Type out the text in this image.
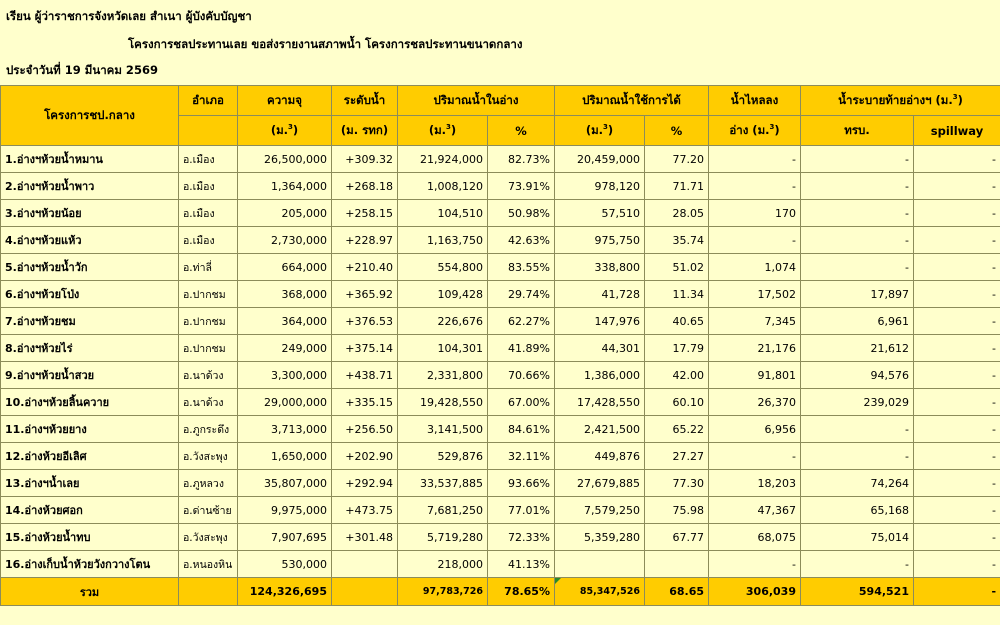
เรียน ผู้ว่าราชการจังหวัดเลย สำเนา ผู้บังคับบัญชา
โครงการชลประทานเลย ขอส่งรายงานสภาพน้ำ โครงการชลประทานขนาดกลาง
ประจำวันที่ 19 มีนาคม 2569
โครงการชป.กลาง	อำเภอ	ความจุ	ระดับน้ำ	ปริมาณน้ำในอ่าง		ปริมาณน้ำใช้การได้		น้ำไหลลง	น้ำระบายท้ายอ่างฯ (ม.$^3$)	
		(ม.$^3$)	(ม. รทก)	(ม.$^3$)	%	(ม.$^3$)	%	อ่าง (ม.$^3$)	ทรบ.	spillway
1.อ่างฯห้วยน้ำหมาน	อ.เมือง	26,500,000	+309.32	21,924,000	82.73%	20,459,000	77.20	-	-	-
2.อ่างฯห้วยน้ำพาว	อ.เมือง	1,364,000	+268.18	1,008,120	73.91%	978,120	71.71	-	-	-
3.อ่างฯห้วยน้อย	อ.เมือง	205,000	+258.15	104,510	50.98%	57,510	28.05	170	-	-
4.อ่างฯห้วยแห้ว	อ.เมือง	2,730,000	+228.97	1,163,750	42.63%	975,750	35.74	-	-	-
5.อ่างฯห้วยน้ำวัก	อ.ท่าลี่	664,000	+210.40	554,800	83.55%	338,800	51.02	1,074	-	-
6.อ่างฯห้วยโป่ง	อ.ปากชม	368,000	+365.92	109,428	29.74%	41,728	11.34	17,502	17,897	-
7.อ่างฯห้วยชม	อ.ปากชม	364,000	+376.53	226,676	62.27%	147,976	40.65	7,345	6,961	-
8.อ่างฯห้วยไร่	อ.ปากชม	249,000	+375.14	104,301	41.89%	44,301	17.79	21,176	21,612	-
9.อ่างฯห้วยน้ำสวย	อ.นาด้วง	3,300,000	+438.71	2,331,800	70.66%	1,386,000	42.00	91,801	94,576	-
10.อ่างฯห้วยลิ้นควาย	อ.นาด้วง	29,000,000	+335.15	19,428,550	67.00%	17,428,550	60.10	26,370	239,029	-
11.อ่างฯห้วยยาง	อ.ภูกระดึง	3,713,000	+256.50	3,141,500	84.61%	2,421,500	65.22	6,956	-	-
12.อ่างห้วยอีเลิศ	อ.วังสะพุง	1,650,000	+202.90	529,876	32.11%	449,876	27.27	-	-	-
13.อ่างฯน้ำเลย	อ.ภูหลวง	35,807,000	+292.94	33,537,885	93.66%	27,679,885	77.30	18,203	74,264	-
14.อ่างห้วยศอก	อ.ด่านซ้าย	9,975,000	+473.75	7,681,250	77.01%	7,579,250	75.98	47,367	65,168	-
15.อ่างห้วยน้ำทบ	อ.วังสะพุง	7,907,695	+301.48	5,719,280	72.33%	5,359,280	67.77	68,075	75,014	-
16.อ่างเก็บน้ำห้วยวังกวางโตน	อ.หนองหิน	530,000		218,000	41.13%			-	-	-
รวม		124,326,695		97,783,726	78.65%	85,347,526	68.65	306,039	594,521	-
